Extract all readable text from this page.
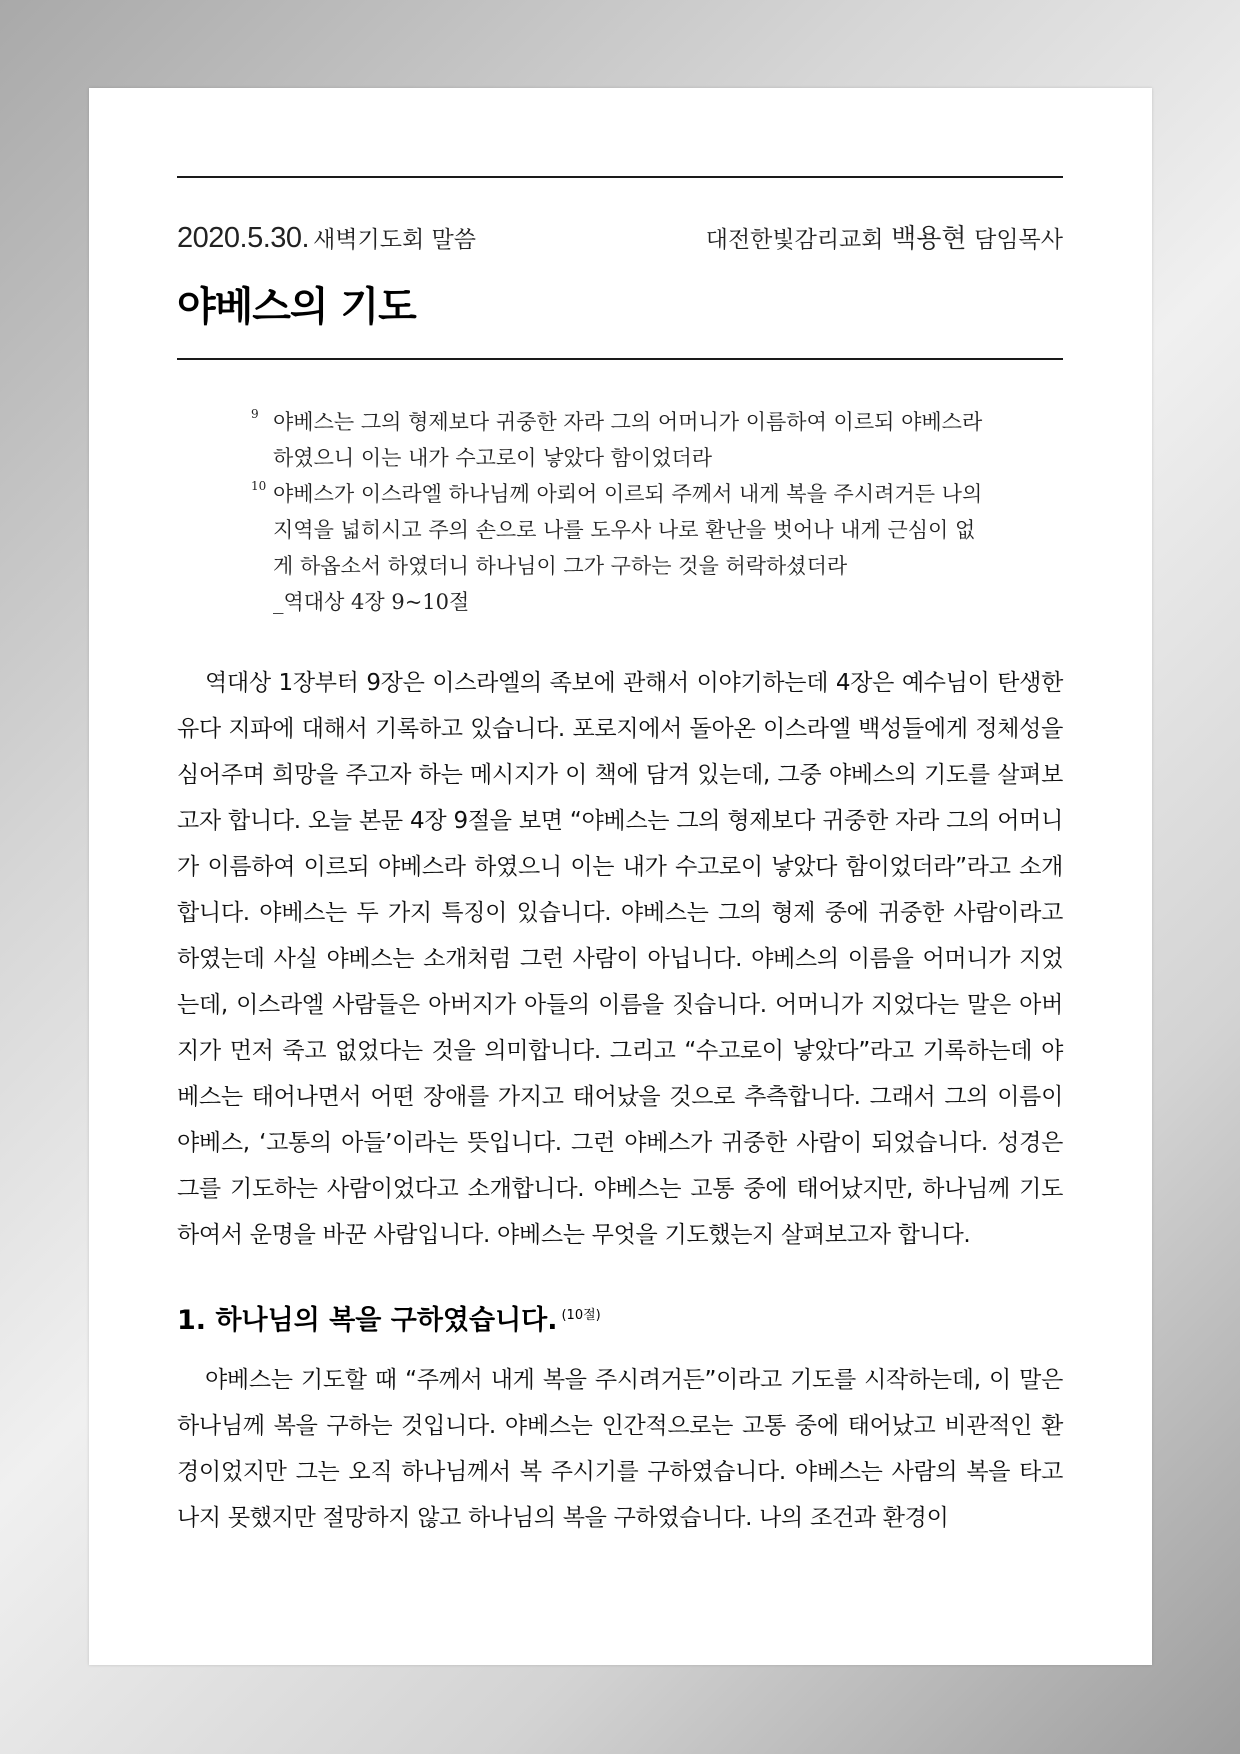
2020.5.30. 새벽기도회 말씀	대전한빛감리교회 백용현 담임목사
야베스의 기도
9 야베스는 그의 형제보다 귀중한 자라 그의 어머니가 이름하여 이르되 야베스라 하였으니 이는 내가 수고로이 낳았다 함이었더라
10 야베스가 이스라엘 하나님께 아뢰어 이르되 주께서 내게 복을 주시려거든 나의 지역을 넓히시고 주의 손으로 나를 도우사 나로 환난을 벗어나 내게 근심이 없게 하옵소서 하였더니 하나님이 그가 구하는 것을 허락하셨더라
_역대상 4장 9~10절

역대상 1장부터 9장은 이스라엘의 족보에 관해서 이야기하는데 4장은 예수님이 탄생한 유다 지파에 대해서 기록하고 있습니다. 포로지에서 돌아온 이스라엘 백성들에게 정체성을 심어주며 희망을 주고자 하는 메시지가 이 책에 담겨 있는데, 그중 야베스의 기도를 살펴보고자 합니다. 오늘 본문 4장 9절을 보면 “야베스는 그의 형제보다 귀중한 자라 그의 어머니가 이름하여 이르되 야베스라 하였으니 이는 내가 수고로이 낳았다 함이었더라”라고 소개합니다. 야베스는 두 가지 특징이 있습니다. 야베스는 그의 형제 중에 귀중한 사람이라고 하였는데 사실 야베스는 소개처럼 그런 사람이 아닙니다. 야베스의 이름을 어머니가 지었는데, 이스라엘 사람들은 아버지가 아들의 이름을 짓습니다. 어머니가 지었다는 말은 아버지가 먼저 죽고 없었다는 것을 의미합니다. 그리고 “수고로이 낳았다”라고 기록하는데 야베스는 태어나면서 어떤 장애를 가지고 태어났을 것으로 추측합니다. 그래서 그의 이름이 야베스, ‘고통의 아들’이라는 뜻입니다. 그런 야베스가 귀중한 사람이 되었습니다. 성경은 그를 기도하는 사람이었다고 소개합니다. 야베스는 고통 중에 태어났지만, 하나님께 기도하여서 운명을 바꾼 사람입니다. 야베스는 무엇을 기도했는지 살펴보고자 합니다.

1. 하나님의 복을 구하였습니다. $^{(10절)}$

야베스는 기도할 때 “주께서 내게 복을 주시려거든”이라고 기도를 시작하는데, 이 말은 하나님께 복을 구하는 것입니다. 야베스는 인간적으로는 고통 중에 태어났고 비관적인 환경이었지만 그는 오직 하나님께서 복 주시기를 구하였습니다. 야베스는 사람의 복을 타고나지 못했지만 절망하지 않고 하나님의 복을 구하였습니다. 나의 조건과 환경이
